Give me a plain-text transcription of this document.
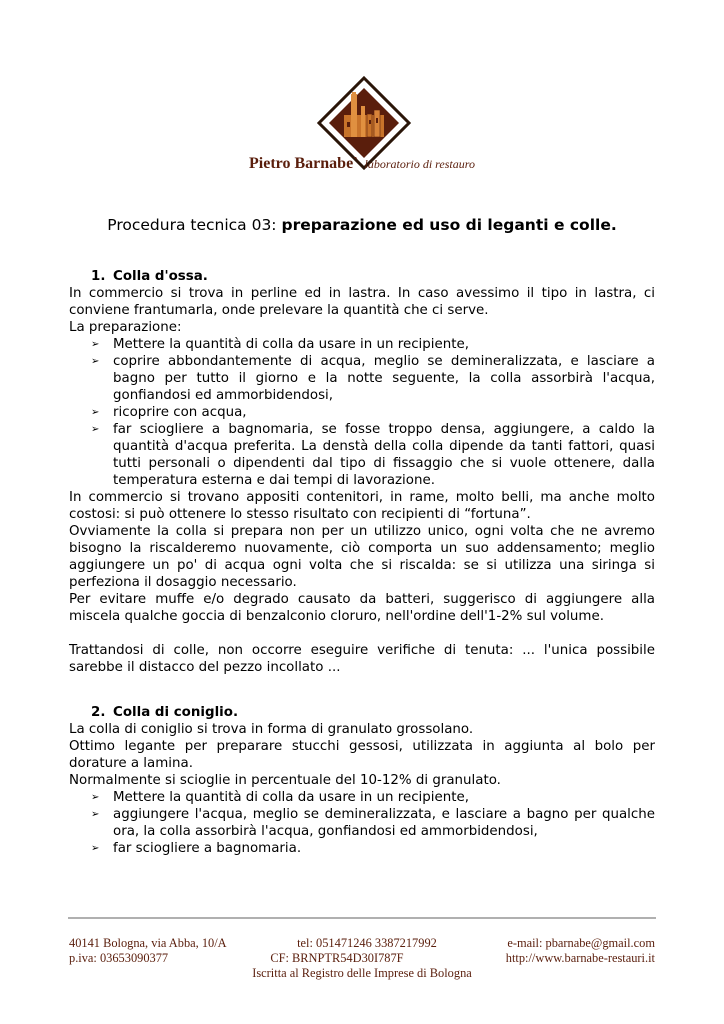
Pietro Barnabe` laboratorio di restauro
Procedura tecnica 03: preparazione ed uso di leganti e colle.
1. Colla d'ossa.
In commercio si trova in perline ed in lastra. In caso avessimo il tipo in lastra, ci conviene frantumarla, onde prelevare la quantità che ci serve.
La preparazione:
➢ Mettere la quantità di colla da usare in un recipiente,
➢ coprire abbondantemente di acqua, meglio se demineralizzata, e lasciare a bagno per tutto il giorno e la notte seguente, la colla assorbirà l'acqua, gonfiandosi ed ammorbidendosi,
➢ ricoprire con acqua,
➢ far sciogliere a bagnomaria, se fosse troppo densa, aggiungere, a caldo la quantità d'acqua preferita. La denstà della colla dipende da tanti fattori, quasi tutti personali o dipendenti dal tipo di fissaggio che si vuole ottenere, dalla temperatura esterna e dai tempi di lavorazione.
In commercio si trovano appositi contenitori, in rame, molto belli, ma anche molto costosi: si può ottenere lo stesso risultato con recipienti di “fortuna”.
Ovviamente la colla si prepara non per un utilizzo unico, ogni volta che ne avremo bisogno la riscalderemo nuovamente, ciò comporta un suo addensamento; meglio aggiungere un po' di acqua ogni volta che si riscalda: se si utilizza una siringa si perfeziona il dosaggio necessario.
Per evitare muffe e/o degrado causato da batteri, suggerisco di aggiungere alla miscela qualche goccia di benzalconio cloruro, nell'ordine dell'1-2% sul volume.
Trattandosi di colle, non occorre eseguire verifiche di tenuta: ... l'unica possibile sarebbe il distacco del pezzo incollato ...
2. Colla di coniglio.
La colla di coniglio si trova in forma di granulato grossolano.
Ottimo legante per preparare stucchi gessosi, utilizzata in aggiunta al bolo per dorature a lamina.
Normalmente si scioglie in percentuale del 10-12% di granulato.
➢ Mettere la quantità di colla da usare in un recipiente,
➢ aggiungere l'acqua, meglio se demineralizzata, e lasciare a bagno per qualche ora, la colla assorbirà l'acqua, gonfiandosi ed ammorbidendosi,
➢ far sciogliere a bagnomaria.
40141 Bologna, via Abba, 10/A	tel: 051471246 3387217992	e-mail: pbarnabe@gmail.com
p.iva: 03653090377	CF: BRNPTR54D30I787F	http://www.barnabe-restauri.it
Iscritta al Registro delle Imprese di Bologna
